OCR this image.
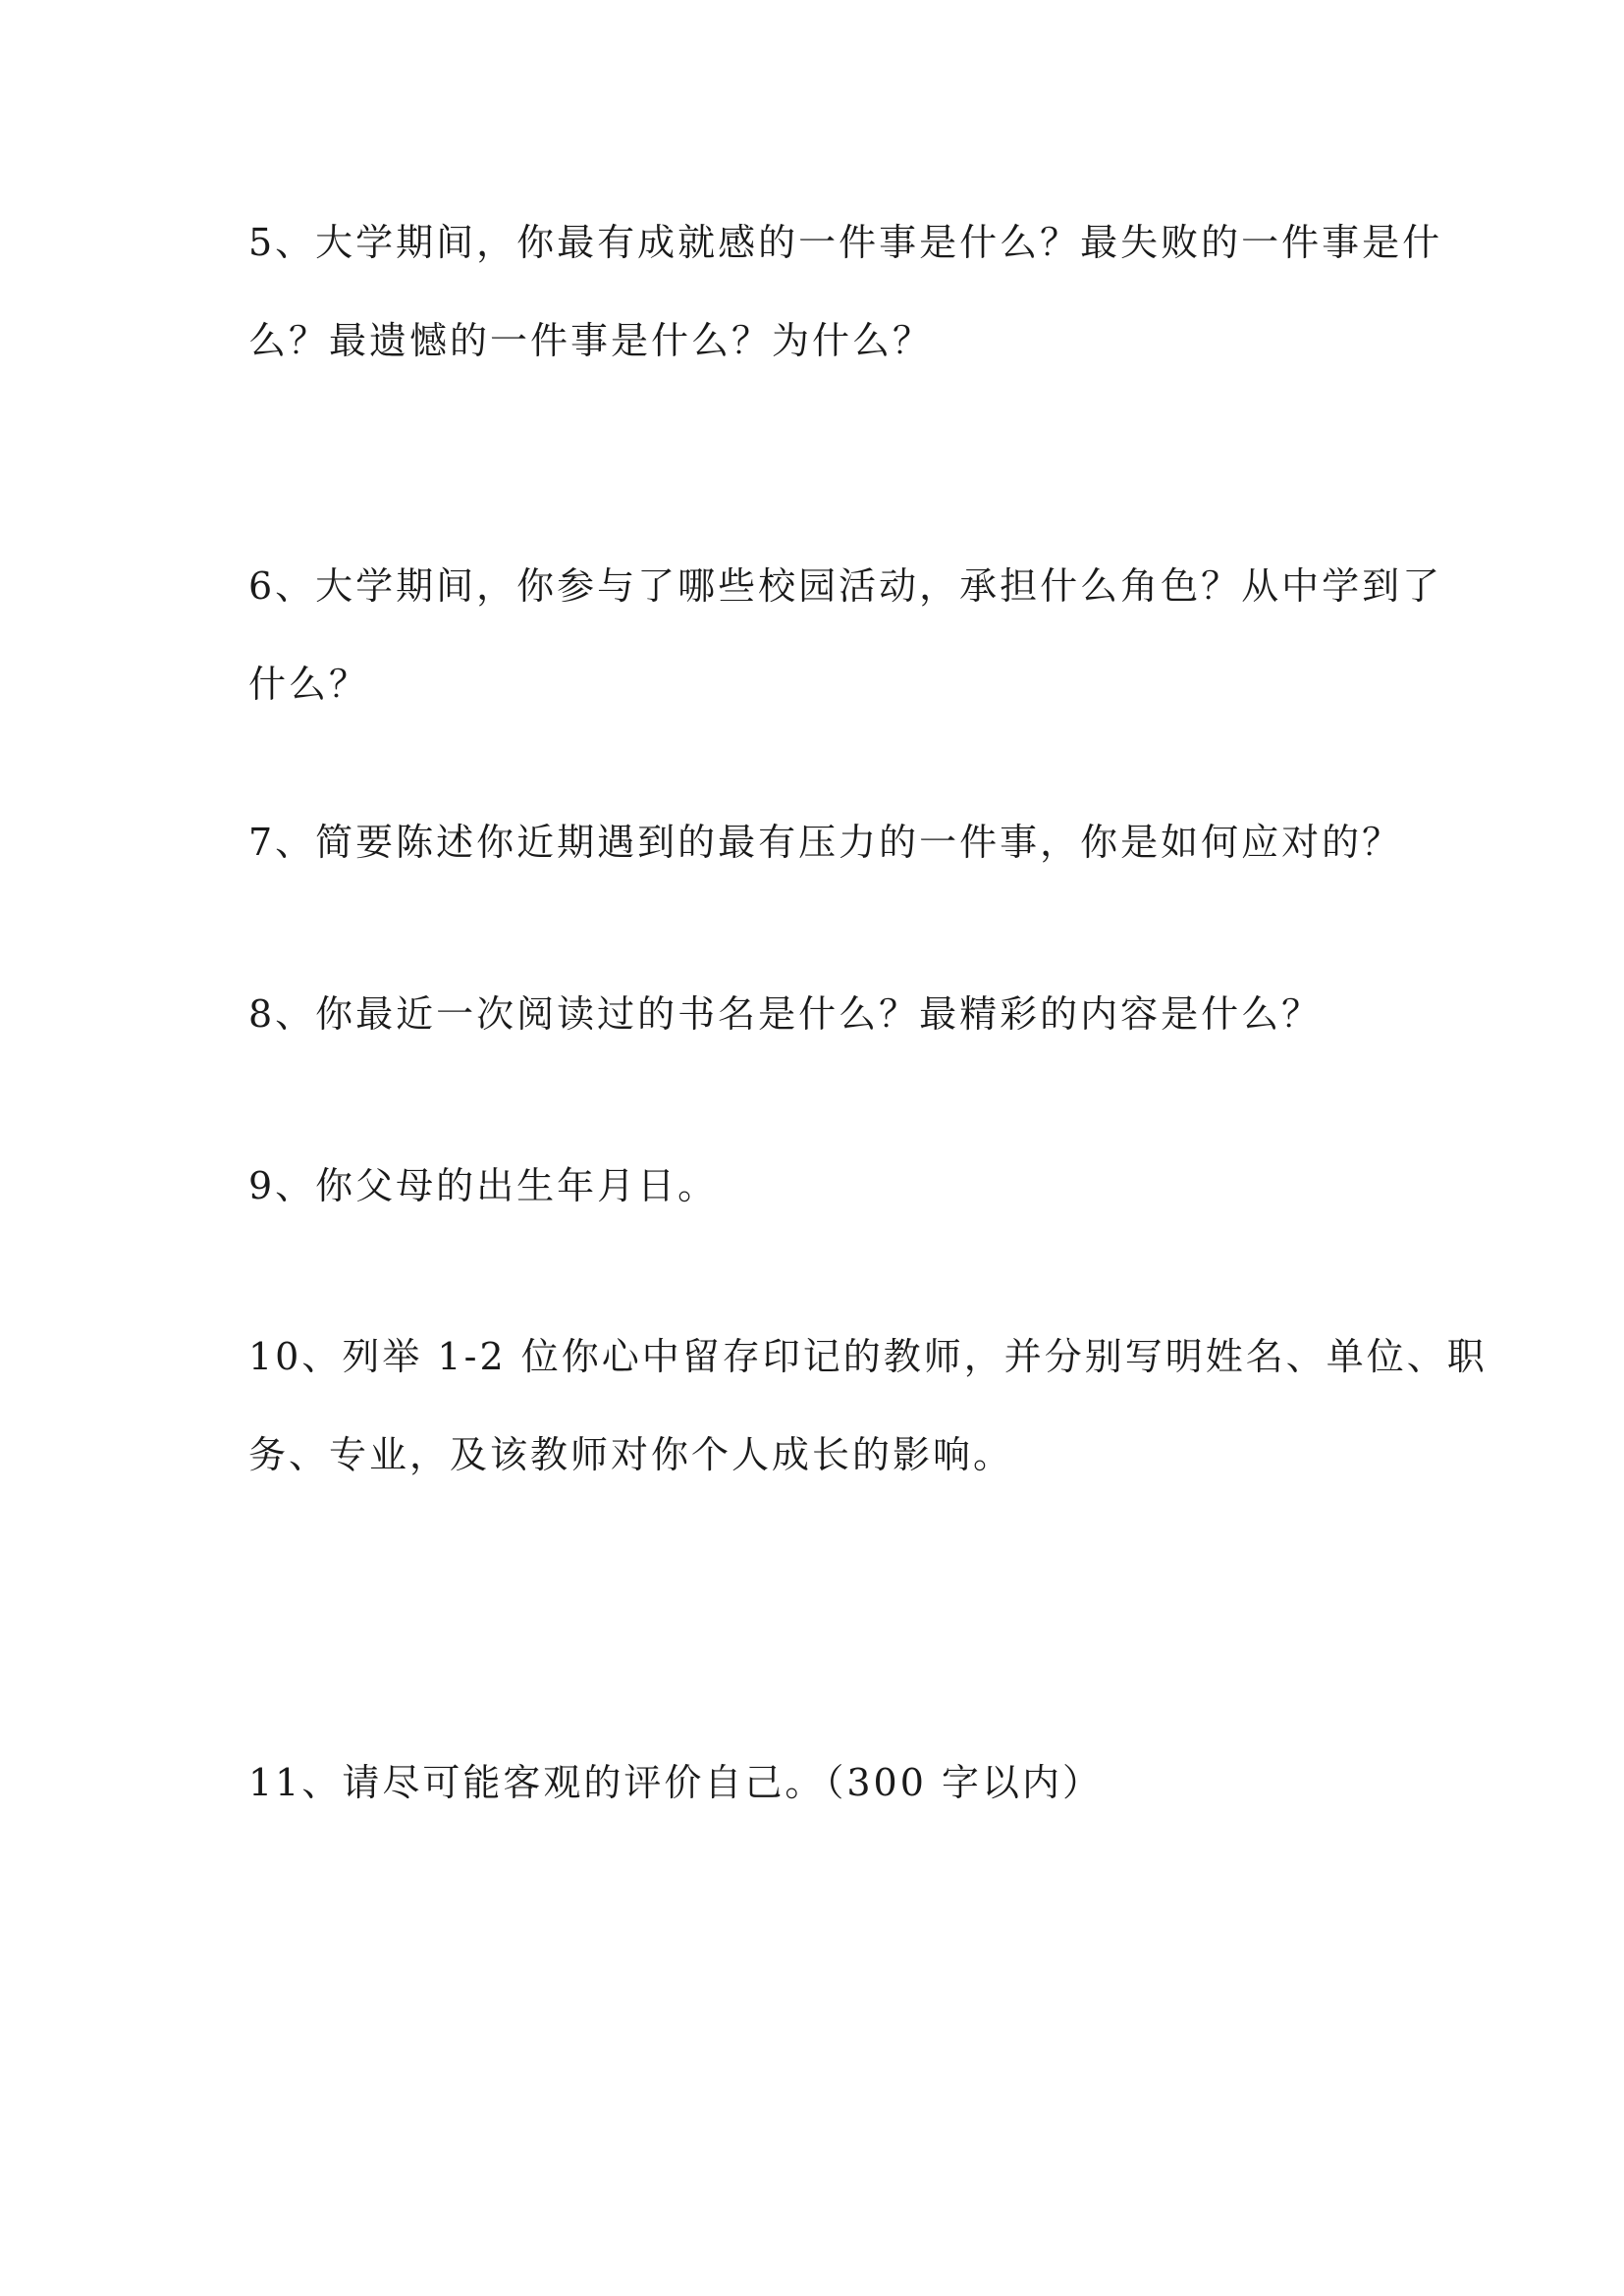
5、大学期间，你最有成就感的一件事是什么？最失败的一件事是什
么？最遗憾的一件事是什么？为什么？
6、大学期间，你参与了哪些校园活动，承担什么角色？从中学到了
什么？
7、简要陈述你近期遇到的最有压力的一件事，你是如何应对的？
8、你最近一次阅读过的书名是什么？最精彩的内容是什么？
9、你父母的出生年月日。
10、列举 1-2 位你心中留存印记的教师，并分别写明姓名、单位、职
务、专业，及该教师对你个人成长的影响。
11、请尽可能客观的评价自己。（300 字以内）
